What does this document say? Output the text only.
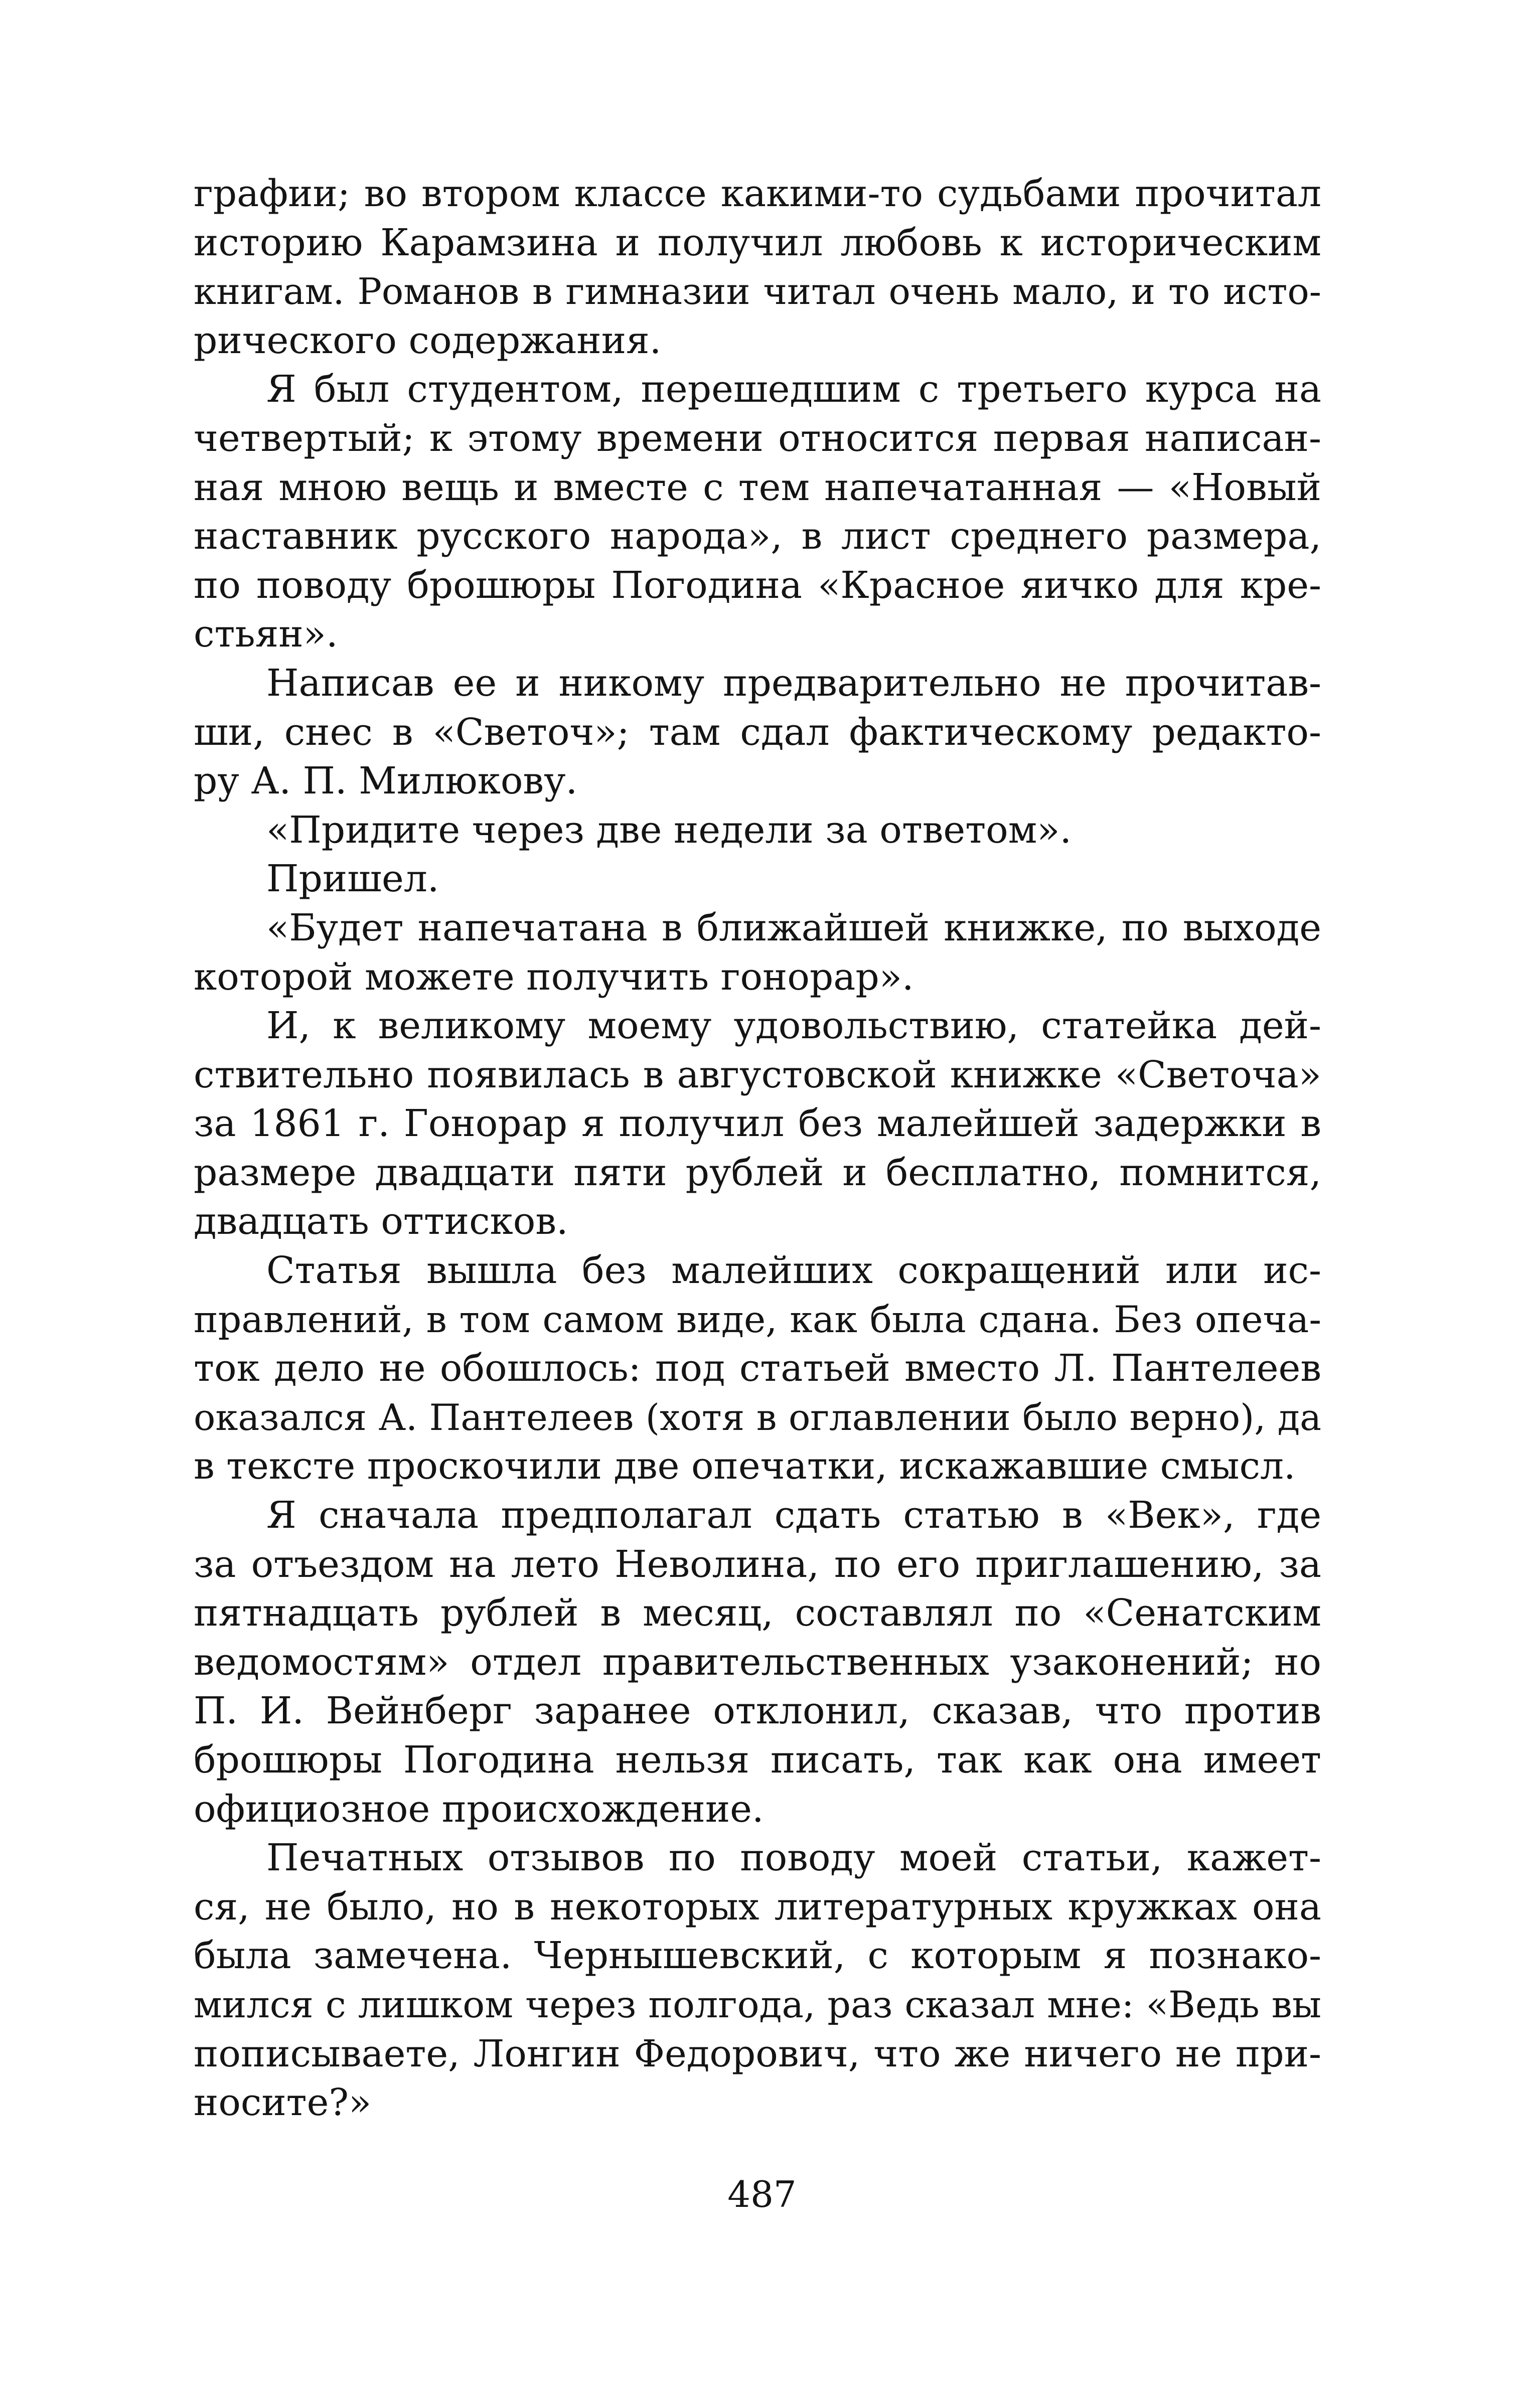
графии; во втором классе какими-то судьбами прочитал
историю Карамзина и получил любовь к историческим
книгам. Романов в гимназии читал очень мало, и то исто-
рического содержания.
Я был студентом, перешедшим с третьего курса на
четвертый; к этому времени относится первая написан-
ная мною вещь и вместе с тем напечатанная — «Новый
наставник русского народа», в лист среднего размера,
по поводу брошюры Погодина «Красное яичко для кре-
стьян».
Написав ее и никому предварительно не прочитав-
ши, снес в «Светоч»; там сдал фактическому редакто-
ру А. П. Милюкову.
«Придите через две недели за ответом».
Пришел.
«Будет напечатана в ближайшей книжке, по выходе
которой можете получить гонорар».
И, к великому моему удовольствию, статейка дей-
ствительно появилась в августовской книжке «Светоча»
за 1861 г. Гонорар я получил без малейшей задержки в
размере двадцати пяти рублей и бесплатно, помнится,
двадцать оттисков.
Статья вышла без малейших сокращений или ис-
правлений, в том самом виде, как была сдана. Без опеча-
ток дело не обошлось: под статьей вместо Л. Пантелеев
оказался А. Пантелеев (хотя в оглавлении было верно), да
в тексте проскочили две опечатки, искажавшие смысл.
Я сначала предполагал сдать статью в «Век», где
за отъездом на лето Неволина, по его приглашению, за
пятнадцать рублей в месяц, составлял по «Сенатским
ведомостям» отдел правительственных узаконений; но
П. И. Вейнберг заранее отклонил, сказав, что против
брошюры Погодина нельзя писать, так как она имеет
официозное происхождение.
Печатных отзывов по поводу моей статьи, кажет-
ся, не было, но в некоторых литературных кружках она
была замечена. Чернышевский, с которым я познако-
мился с лишком через полгода, раз сказал мне: «Ведь вы
пописываете, Лонгин Федорович, что же ничего не при-
носите?»
487
